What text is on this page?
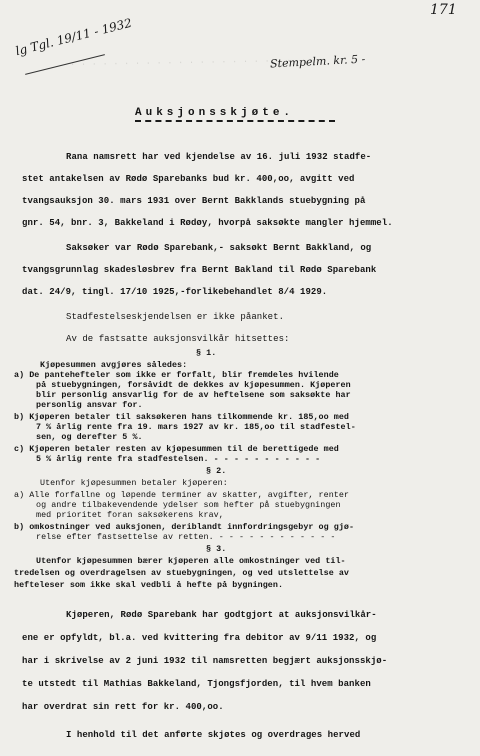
· · · · · · · · · · · · · · · · · · · · ·
lg Tgl. 19/11 - 1932
171
Stempelm. kr. 5 -
Auksjonsskjøte.
Rana namsrett har ved kjendelse av 16. juli 1932 stadfe-
stet antakelsen av Rødø Sparebanks bud kr. 400,oo, avgitt ved
tvangsauksjon 30. mars 1931 over Bernt Bakklands stuebygning på
gnr. 54, bnr. 3, Bakkeland i Rødøy, hvorpå saksøkte mangler hjemmel.
Saksøker var Rødø Sparebank,- saksøkt Bernt Bakkland, og
tvangsgrunnlag skadesløsbrev fra Bernt Bakland til Rødø Sparebank
dat. 24/9, tingl. 17/10 1925,-forlikebehandlet 8/4 1929.
Stadfestelseskjendelsen er ikke påanket.
Av de fastsatte auksjonsvilkår hitsettes:
§ 1.
Kjøpesummen avgjøres således:
a) De pantehefteler som ikke er forfalt, blir fremdeles hvilende
på stuebygningen, forsåvidt de dekkes av kjøpesummen. Kjøperen
blir personlig ansvarlig for de av heftelsene som saksøkte har
personlig ansvar for.
b) Kjøperen betaler til saksøkeren hans tilkommende kr. 185,oo med
7 % årlig rente fra 19. mars 1927 av kr. 185,oo til stadfestel-
sen, og derefter 5 %.
c) Kjøperen betaler resten av kjøpesummen til de berettigede med
5 % årlig rente fra stadfestelsen. - - - - - - - - - - -
§ 2.
Utenfor kjøpesummen betaler kjøperen:
a) Alle forfallne og løpende terminer av skatter, avgifter, renter
og andre tilbakevendende ydelser som hefter på stuebygningen
med prioritet foran saksøkerens krav,
b) omkostninger ved auksjonen, deriblandt innfordringsgebyr og gjø-
relse efter fastsettelse av retten. - - - - - - - - - - - -
§ 3.
Utenfor kjøpesummen bærer kjøperen alle omkostninger ved til-
tredelsen og overdragelsen av stuebygningen, og ved utslettelse av
hefteleser som ikke skal vedbli å hefte på bygningen.
Kjøperen, Rødø Sparebank har godtgjort at auksjonsvilkår-
ene er opfyldt, bl.a. ved kvittering fra debitor av 9/11 1932, og
har i skrivelse av 2 juni 1932 til namsretten begjært auksjonsskjø-
te utstedt til Mathias Bakkeland, Tjongsfjorden, til hvem banken
har overdrat sin rett for kr. 400,oo.
I henhold til det anførte skjøtes og overdrages herved
